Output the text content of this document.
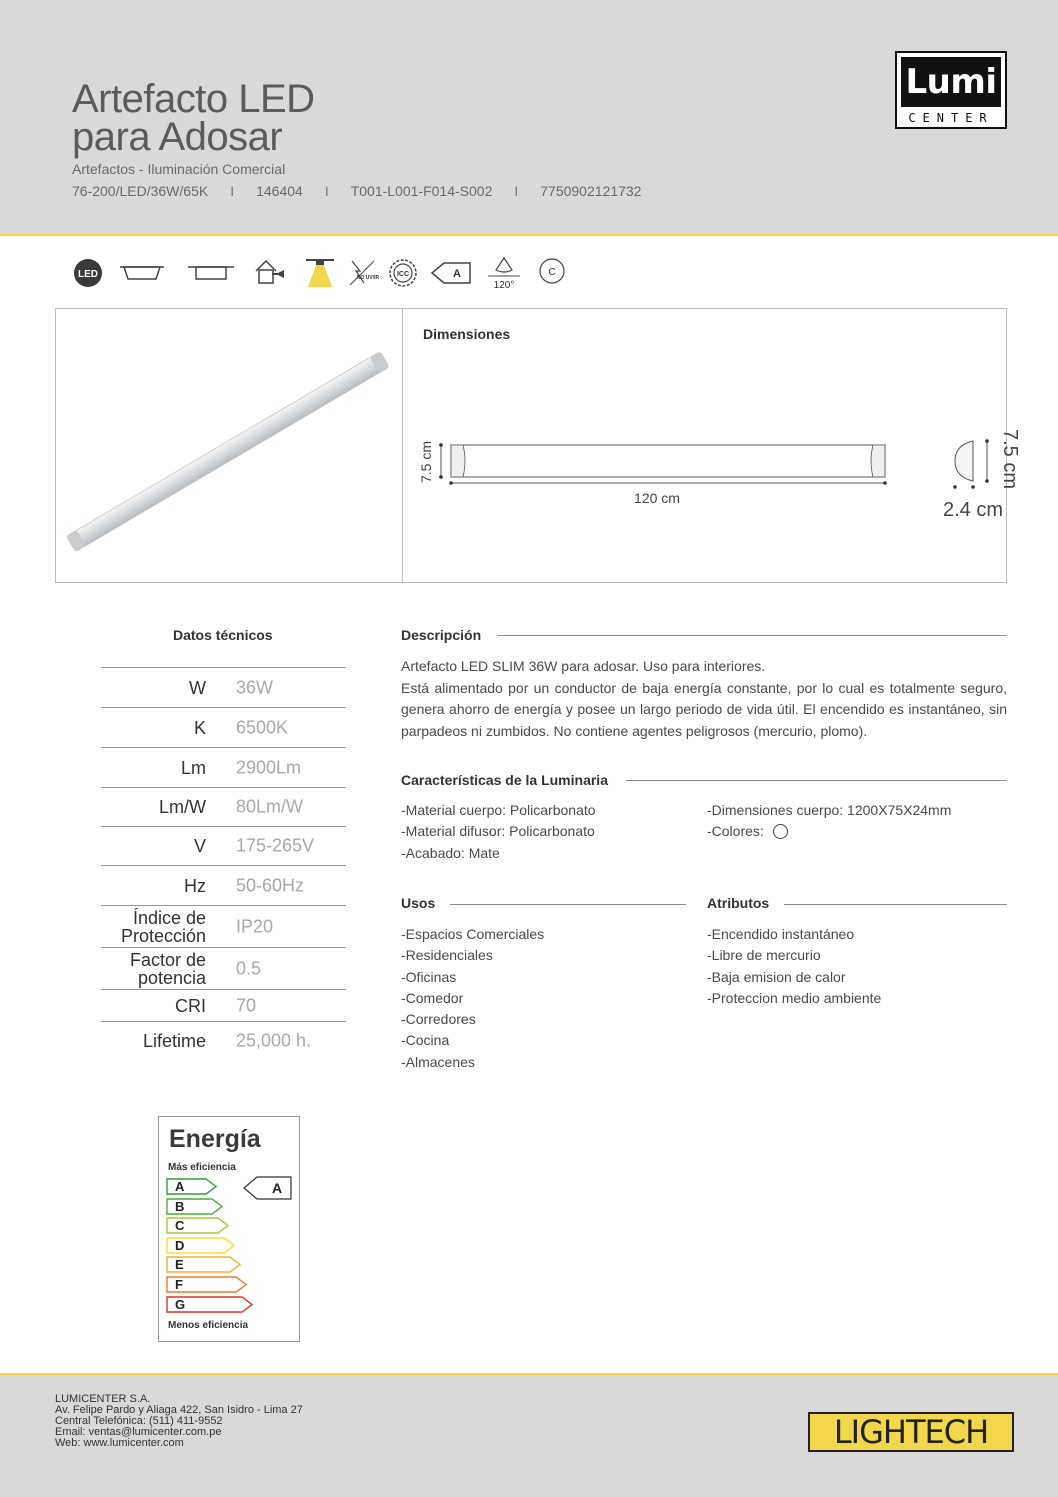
Artefacto LED
para Adosar
Artefactos - Iluminación Comercial
76-200/LED/36W/65K	I	146404	I	T001-L001-F014-S002	I	7750902121732
Lumi
CENTER
LED	NO UV/IR	ICC	A
120°
C
Dimensiones
7.5 cm
120 cm
7.5 cm
2.4 cm
Datos técnicos
W 36W
K 6500K
Lm 2900Lm
Lm/W 80Lm/W
V 175-265V
Hz 50-60Hz
Índice de Protección IP20
Factor de potencia 0.5
CRI 70
Lifetime 25,000 h.
Descripción
Artefacto LED SLIM 36W para adosar. Uso para interiores.
Está alimentado por un conductor de baja energía constante, por lo cual es totalmente seguro, genera ahorro de energía y posee un largo periodo de vida útil. El encendido es instantáneo, sin parpadeos ni zumbidos. No contiene agentes peligrosos (mercurio, plomo).
Características de la Luminaria
-Material cuerpo: Policarbonato
-Material difusor: Policarbonato
-Acabado: Mate
-Dimensiones cuerpo: 1200X75X24mm
-Colores:
Usos
-Espacios Comerciales
-Residenciales
-Oficinas
-Comedor
-Corredores
-Cocina
-Almacenes
Atributos
-Encendido instantáneo
-Libre de mercurio
-Baja emision de calor
-Proteccion medio ambiente
Energía
Más eficiencia
A
B
C
D
E
F
G
A
Menos eficiencia
LUMICENTER S.A.
Av. Felipe Pardo y Aliaga 422, San Isidro - Lima 27
Central Telefónica: (511) 411-9552
Email: ventas@lumicenter.com.pe
Web: www.lumicenter.com	LIGHTECH
